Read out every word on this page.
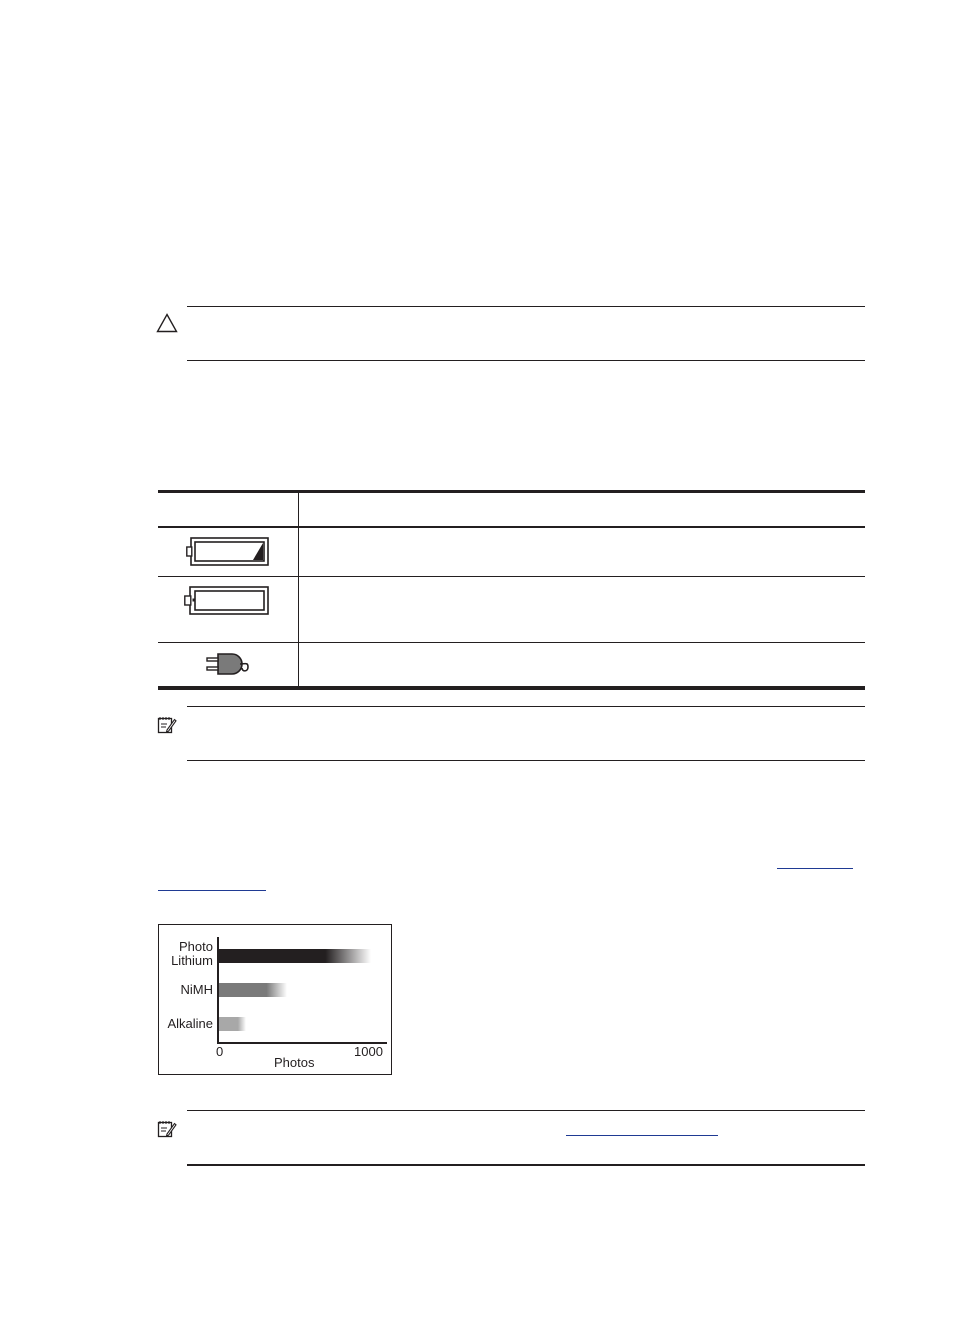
Photo
Lithium
NiMH
Alkaline
0	1000
Photos
